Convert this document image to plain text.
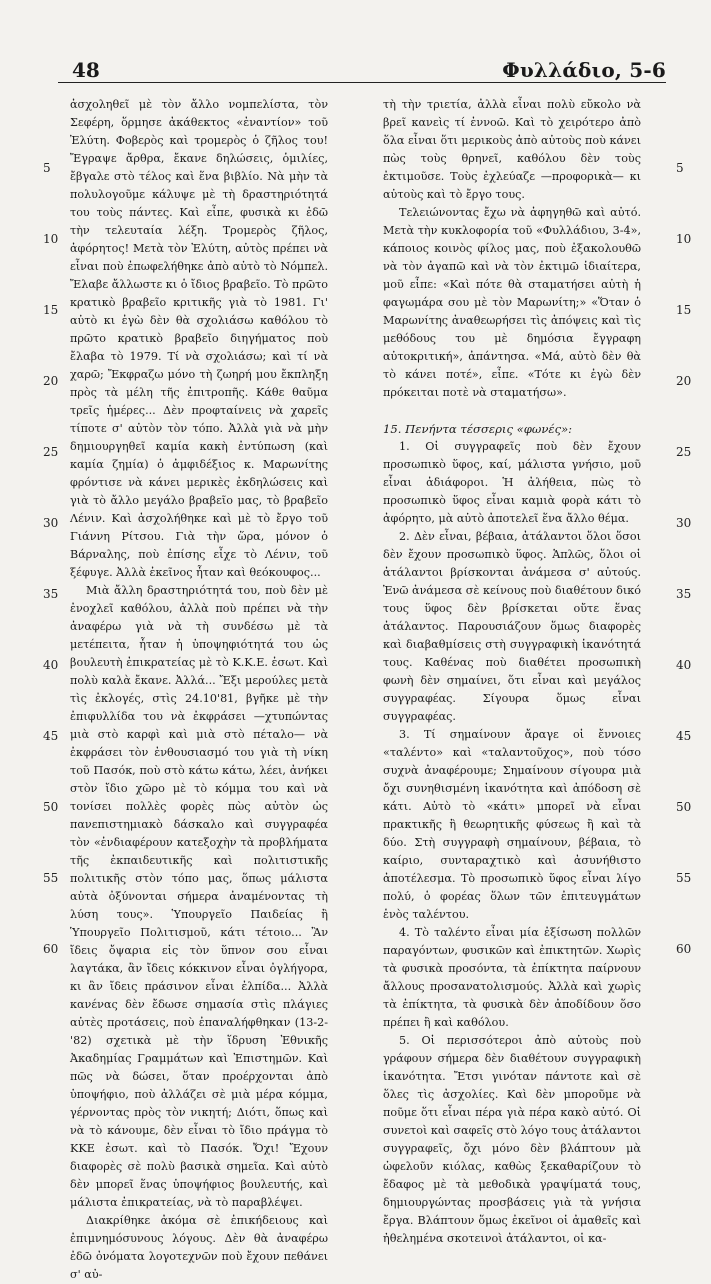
48	Φυλλάδιο, 5-6
5
10
15
20
25
30
35
40
45
50
55
60
5
10
15
20
25
30
35
40
45
50
55
60

ἀσχοληθεῖ μὲ τὸν ἄλλο νομπελίστα, τὸν Σεφέρη, ὅρμησε ἀκάθεκτος «ἐναντίον» τοῦ Ἐλύτη. Φοβερὸς καὶ τρομερὸς ὁ ζῆλος του! Ἔγραψε ἄρθρα, ἔκανε δηλώσεις, ὁμιλίες, ἔβγαλε στὸ τέλος καὶ ἕνα βιβλίο. Νὰ μὴν τὰ πολυλογοῦμε κάλυψε μὲ τὴ δραστηριότητά του τοὺς πάντες. Καὶ εἶπε, φυσικὰ κι ἐδῶ τὴν τελευταία λέξη. Τρομερὸς ζῆλος, ἀφόρητος! Μετὰ τὸν Ἐλύτη, αὐτὸς πρέπει νὰ εἶναι ποὺ ἐπωφελήθηκε ἀπὸ αὐτὸ τὸ Νόμπελ. Ἔλαβε ἄλλωστε κι ὁ ἴδιος βραβεῖο. Τὸ πρῶτο κρατικὸ βραβεῖο κριτικῆς γιὰ τὸ 1981. Γι' αὐτὸ κι ἐγὼ δὲν θὰ σχολιάσω καθόλου τὸ πρῶτο κρατικὸ βραβεῖο διηγήματος ποὺ ἔλαβα τὸ 1979. Τί νὰ σχολιάσω; καὶ τί νὰ χαρῶ; Ἔκφραζω μόνο τὴ ζωηρή μου ἔκπληξη πρὸς τὰ μέλη τῆς ἐπιτροπῆς. Κάθε θαῦμα τρεῖς ἡμέρες... Δὲν προφταίνεις νὰ χαρεῖς τίποτε σ' αὐτὸν τὸν τόπο. Ἀλλὰ γιὰ νὰ μὴν δημιουργηθεῖ καμία κακὴ ἐντύπωση (καὶ καμία ζημία) ὁ ἀμφιδέξιος κ. Μαρωνίτης φρόντισε νὰ κάνει μερικὲς ἐκδηλώσεις καὶ γιὰ τὸ ἄλλο μεγάλο βραβεῖο μας, τὸ βραβεῖο Λένιν. Καὶ ἀσχολήθηκε καὶ μὲ τὸ ἔργο τοῦ Γιάννη Ρίτσου. Γιὰ τὴν ὥρα, μόνον ὁ Βάρναλης, ποὺ ἐπίσης εἶχε τὸ Λένιν, τοῦ ξέφυγε. Ἀλλὰ ἐκεῖνος ἦταν καὶ θεόκουφος...

Μιὰ ἄλλη δραστηριότητά του, ποὺ δὲν μὲ ἐνοχλεῖ καθόλου, ἀλλὰ ποὺ πρέπει νὰ τὴν ἀναφέρω γιὰ νὰ τὴ συνδέσω μὲ τὰ μετέπειτα, ἦταν ἡ ὑποψηφιότητά του ὡς βουλευτὴ ἐπικρατείας μὲ τὸ Κ.Κ.Ε. ἐσωτ. Καὶ πολὺ καλὰ ἔκανε. Ἀλλά... Ἔξι μερούλες μετὰ τὶς ἐκλογές, στὶς 24.10'81, βγῆκε μὲ τὴν ἐπιφυλλίδα του νὰ ἐκφράσει —χτυπώντας μιὰ στὸ καρφὶ καὶ μιὰ στὸ πέταλο— νὰ ἐκφράσει τὸν ἐνθουσιασμό του γιὰ τὴ νίκη τοῦ Πασόκ, ποὺ στὸ κάτω κάτω, λέει, ἀνήκει στὸν ἴδιο χῶρο μὲ τὸ κόμμα του καὶ νὰ τονίσει πολλὲς φορὲς πὼς αὐτὸν ὡς πανεπιστημιακὸ δάσκαλο καὶ συγγραφέα τὸν «ἐνδιαφέρουν κατεξοχὴν τὰ προβλήματα τῆς ἐκπαιδευτικῆς καὶ πολιτιστικῆς πολιτικῆς στὸν τόπο μας, ὅπως μάλιστα αὐτὰ ὀξύνονται σήμερα ἀναμένοντας τὴ λύση τους». Ὑπουργεῖο Παιδείας ἢ Ὑπουργεῖο Πολιτισμοῦ, κάτι τέτοιο... Ἂν ἴδεις ὄψαρια εἰς τὸν ὕπνον σου εἶναι λαγτάκα, ἂν ἴδεις κόκκινον εἶναι ὀγλήγορα, κι ἂν ἴδεις πράσινον εἶναι ἐλπίδα... Ἀλλὰ κανένας δὲν ἔδωσε σημασία στὶς πλάγιες αὐτὲς προτάσεις, ποὺ ἐπαναλήφθηκαν (13-2-'82) σχετικὰ μὲ τὴν ἵδρυση Ἐθνικῆς Ἀκαδημίας Γραμμάτων καὶ Ἐπιστημῶν. Καὶ πῶς νὰ δώσει, ὅταν προέρχονται ἀπὸ ὑποψήφιο, ποὺ ἀλλάζει σὲ μιὰ μέρα κόμμα, γέρνοντας πρὸς τὸν νικητή; Διότι, ὅπως καὶ νὰ τὸ κάνουμε, δὲν εἶναι τὸ ἴδιο πράγμα τὸ ΚΚΕ ἐσωτ. καὶ τὸ Πασόκ. Ὄχι! Ἔχουν διαφορὲς σὲ πολὺ βασικὰ σημεῖα. Καὶ αὐτὸ δὲν μπορεῖ ἕνας ὑποψήφιος βουλευτής, καὶ μάλιστα ἐπικρατείας, νὰ τὸ παραβλέψει.

Διακρίθηκε ἀκόμα σὲ ἐπικήδειους καὶ ἐπιμνημόσυνους λόγους. Δὲν θὰ ἀναφέρω ἐδῶ ὀνόματα λογοτεχνῶν ποὺ ἔχουν πεθάνει σ' αὐ-

τὴ τὴν τριετία, ἀλλὰ εἶναι πολὺ εὔκολο νὰ βρεῖ κανεὶς τί ἐννοῶ. Καὶ τὸ χειρότερο ἀπὸ ὅλα εἶναι ὅτι μερικοὺς ἀπὸ αὐτοὺς ποὺ κάνει πὼς τοὺς θρηνεῖ, καθόλου δὲν τοὺς ἐκτιμοῦσε. Τοὺς ἐχλεύαζε —προφορικὰ— κι αὐτοὺς καὶ τὸ ἔργο τους.

Τελειώνοντας ἔχω νὰ ἀφηγηθῶ καὶ αὐτό. Μετὰ τὴν κυκλοφορία τοῦ «Φυλλάδιου, 3-4», κάποιος κοινὸς φίλος μας, ποὺ ἐξακολουθῶ νὰ τὸν ἀγαπῶ καὶ νὰ τὸν ἐκτιμῶ ἰδιαίτερα, μοῦ εἶπε: «Καὶ πότε θὰ σταματήσει αὐτὴ ἡ φαγωμάρα σου μὲ τὸν Μαρωνίτη;» «Ὅταν ὁ Μαρωνίτης ἀναθεωρήσει τὶς ἀπόψεις καὶ τὶς μεθόδους του μὲ δημόσια ἔγγραφη αὐτοκριτική», ἀπάντησα. «Μά, αὐτὸ δὲν θὰ τὸ κάνει ποτέ», εἶπε. «Τότε κι ἐγὼ δὲν πρόκειται ποτὲ νὰ σταματήσω».

15. Πενήντα τέσσερις «φωνές»:

1. Οἱ συγγραφεῖς ποὺ δὲν ἔχουν προσωπικὸ ὕφος, καί, μάλιστα γνήσιο, μοῦ εἶναι ἀδιάφοροι. Ἡ ἀλήθεια, πὼς τὸ προσωπικὸ ὕφος εἶναι καμιὰ φορὰ κάτι τὸ ἀφόρητο, μὰ αὐτὸ ἀποτελεῖ ἕνα ἄλλο θέμα.

2. Δὲν εἶναι, βέβαια, ἀτάλαντοι ὅλοι ὅσοι δὲν ἔχουν προσωπικὸ ὕφος. Ἁπλῶς, ὅλοι οἱ ἀτάλαντοι βρίσκονται ἀνάμεσα σ' αὐτούς. Ἐνῶ ἀνάμεσα σὲ κείνους ποὺ διαθέτουν δικό τους ὕφος δὲν βρίσκεται οὔτε ἕνας ἀτάλαντος. Παρουσιάζουν ὅμως διαφορὲς καὶ διαβαθμίσεις στὴ συγγραφικὴ ἱκανότητά τους. Καθένας ποὺ διαθέτει προσωπικὴ φωνὴ δὲν σημαίνει, ὅτι εἶναι καὶ μεγάλος συγγραφέας. Σίγουρα ὅμως εἶναι συγγραφέας.

3. Τί σημαίνουν ἄραγε οἱ ἔννοιες «ταλέντο» καὶ «ταλαντοῦχος», ποὺ τόσο συχνὰ ἀναφέρουμε; Σημαίνουν σίγουρα μιὰ ὄχι συνηθισμένη ἱκανότητα καὶ ἀπόδοση σὲ κάτι. Αὐτὸ τὸ «κάτι» μπορεῖ νὰ εἶναι πρακτικῆς ἢ θεωρητικῆς φύσεως ἢ καὶ τὰ δύο. Στὴ συγγραφὴ σημαίνουν, βέβαια, τὸ καίριο, συνταραχτικὸ καὶ ἀσυνήθιστο ἀποτέλεσμα. Τὸ προσωπικὸ ὕφος εἶναι λίγο πολύ, ὁ φορέας ὅλων τῶν ἐπιτευγμάτων ἑνὸς ταλέντου.

4. Τὸ ταλέντο εἶναι μία ἐξίσωση πολλῶν παραγόντων, φυσικῶν καὶ ἐπικτητῶν. Χωρὶς τὰ φυσικὰ προσόντα, τὰ ἐπίκτητα παίρνουν ἄλλους προσανατολισμούς. Ἀλλὰ καὶ χωρὶς τὰ ἐπίκτητα, τὰ φυσικὰ δὲν ἀποδίδουν ὅσο πρέπει ἢ καὶ καθόλου.

5. Οἱ περισσότεροι ἀπὸ αὐτοὺς ποὺ γράφουν σήμερα δὲν διαθέτουν συγγραφικὴ ἱκανότητα. Ἔτσι γινόταν πάντοτε καὶ σὲ ὅλες τὶς ἀσχολίες. Καὶ δὲν μποροῦμε νὰ ποῦμε ὅτι εἶναι πέρα γιὰ πέρα κακὸ αὐτό. Οἱ συνετοὶ καὶ σαφεῖς στὸ λόγο τους ἀτάλαντοι συγγραφεῖς, ὄχι μόνο δὲν βλάπτουν μὰ ὠφελοῦν κιόλας, καθὼς ξεκαθαρίζουν τὸ ἔδαφος μὲ τὰ μεθοδικὰ γραψίματά τους, δημιουργώντας προσβάσεις γιὰ τὰ γνήσια ἔργα. Βλάπτουν ὅμως ἐκεῖνοι οἱ ἀμαθεῖς καὶ ἠθελημένα σκοτεινοὶ ἀτάλαντοι, οἱ κα-
